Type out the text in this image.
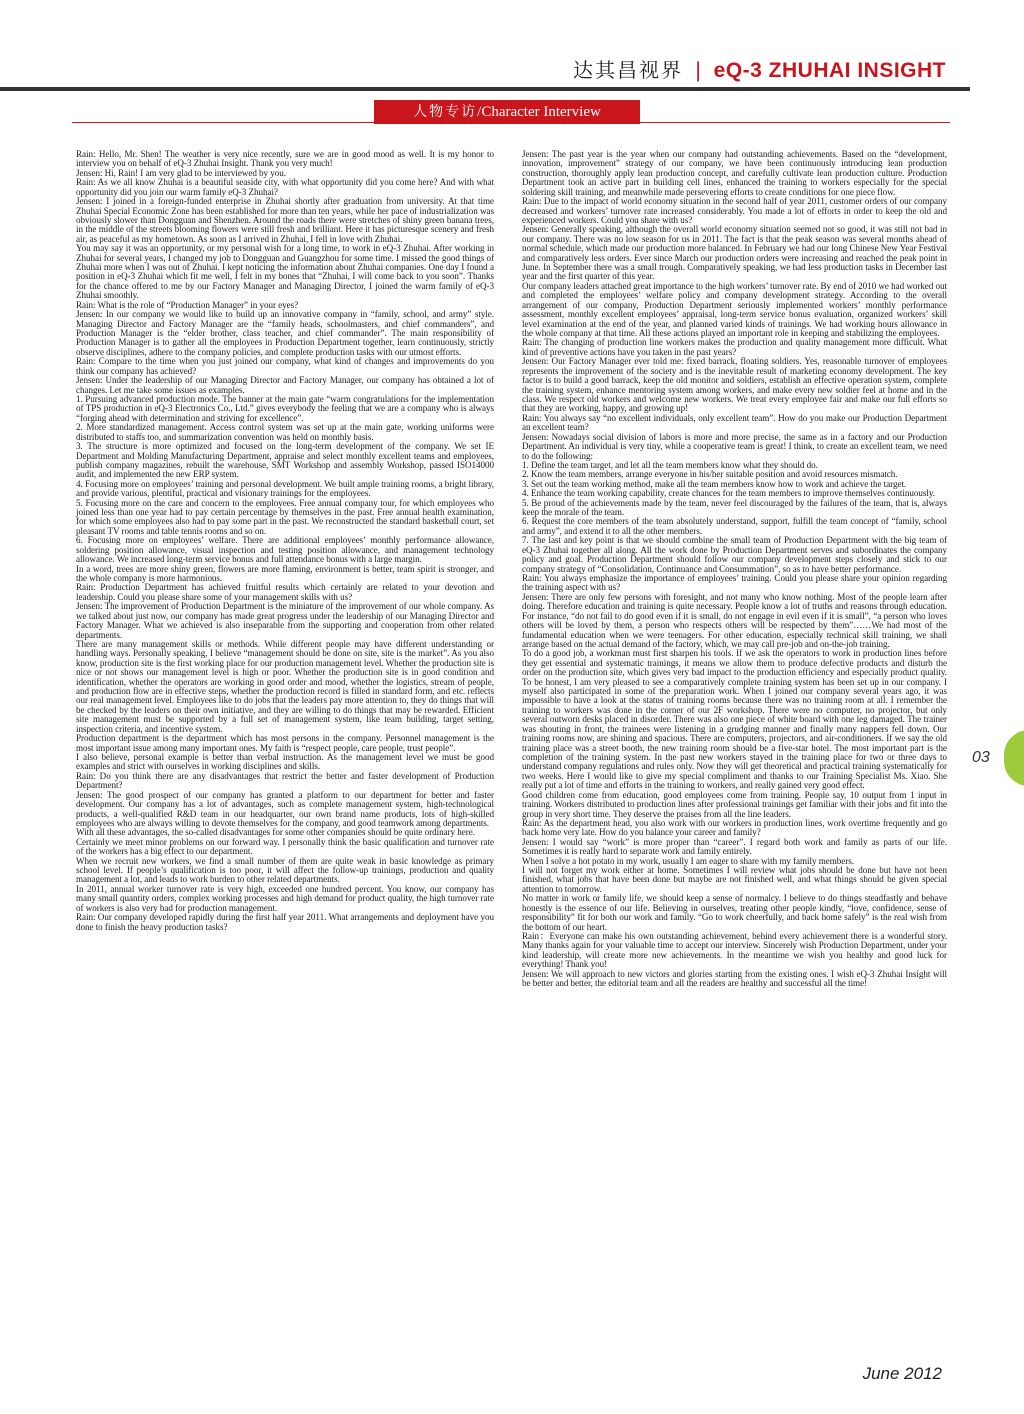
达其昌视界 | eQ-3 ZHUHAI INSIGHT
人物专访/Character Interview

Rain: Hello, Mr. Shen! The weather is very nice recently, sure we are in good mood as well. It is my honor to interview you on behalf of eQ-3 Zhuhai Insight. Thank you very much!

Jensen: Hi, Rain! I am very glad to be interviewed by you.

Rain: As we all know Zhuhai is a beautiful seaside city, with what opportunity did you come here? And with what opportunity did you join our warm family eQ-3 Zhuhai?

Jensen: I joined in a foreign-funded enterprise in Zhuhai shortly after graduation from university. At that time Zhuhai Special Economic Zone has been established for more than ten years, while her pace of industrialization was obviously slower than Dongguan and Shenzhen. Around the roads there were stretches of shiny green banana trees, in the middle of the streets blooming flowers were still fresh and brilliant. Here it has picturesque scenery and fresh air, as peaceful as my hometown. As soon as I arrived in Zhuhai, I fell in love with Zhuhai.

You may say it was an opportunity, or my personal wish for a long time, to work in eQ-3 Zhuhai. After working in Zhuhai for several years, I changed my job to Dongguan and Guangzhou for some time. I missed the good things of Zhuhai more when I was out of Zhuhai. I kept noticing the information about Zhuhai companies. One day I found a position in eQ-3 Zhuhai which fit me well, I felt in my bones that “Zhuhai, I will come back to you soon”. Thanks for the chance offered to me by our Factory Manager and Managing Director, I joined the warm family of eQ-3 Zhuhai smoothly.

Rain: What is the role of “Production Manager” in your eyes?

Jensen: In our company we would like to build up an innovative company in “family, school, and army” style. Managing Director and Factory Manager are the “family heads, schoolmasters, and chief commanders”, and Production Manager is the “elder brother, class teacher, and chief commander”. The main responsibility of Production Manager is to gather all the employees in Production Department together, learn continuously, strictly observe disciplines, adhere to the company policies, and complete production tasks with our utmost efforts.

Rain: Compare to the time when you just joined our company, what kind of changes and improvements do you think our company has achieved?

Jensen: Under the leadership of our Managing Director and Factory Manager, our company has obtained a lot of changes. Let me take some issues as examples.

1. Pursuing advanced production mode. The banner at the main gate “warm congratulations for the implementation of TPS production in eQ-3 Electronics Co., Ltd.” gives everybody the feeling that we are a company who is always “forging ahead with determination and striving for excellence”.

2. More standardized management. Access control system was set up at the main gate, working uniforms were distributed to staffs too, and summarization convention was held on monthly basis.

3. The structure is more optimized and focused on the long-term development of the company. We set IE Department and Molding Manufacturing Department, appraise and select monthly excellent teams and employees, publish company magazines, rebuilt the warehouse, SMT Workshop and assembly Workshop, passed ISO14000 audit, and implemented the new ERP system.

4. Focusing more on employees’ training and personal development. We built ample training rooms, a bright library, and provide various, plentiful, practical and visionary trainings for the employees.

5. Focusing more on the care and concern to the employees. Free annual company tour, for which employees who joined less than one year had to pay certain percentage by themselves in the past. Free annual health examination, for which some employees also had to pay some part in the past. We reconstructed the standard basketball court, set pleasant TV rooms and table tennis rooms and so on.

6. Focusing more on employees’ welfare. There are additional employees’ monthly performance allowance, soldering position allowance, visual inspection and testing position allowance, and management technology allowance. We increased long-term service bonus and full attendance bonus with a large margin.

In a word, trees are more shiny green, flowers are more flaming, environment is better, team spirit is stronger, and the whole company is more harmonious.

Rain: Production Department has achieved fruitful results which certainly are related to your devotion and leadership. Could you please share some of your management skills with us?

Jensen: The improvement of Production Department is the miniature of the improvement of our whole company. As we talked about just now, our company has made great progress under the leadership of our Managing Director and Factory Manager. What we achieved is also inseparable from the supporting and cooperation from other related departments.

There are many management skills or methods. While different people may have different understanding or handling ways. Personally speaking, I believe “management should be done on site, site is the market”. As you also know, production site is the first working place for our production management level. Whether the production site is nice or not shows our management level is high or poor. Whether the production site is in good condition and identification, whether the operators are working in good order and mood, whether the logistics, stream of people, and production flow are in effective steps, whether the production record is filled in standard form, and etc. reflects our real management level. Employees like to do jobs that the leaders pay more attention to, they do things that will be checked by the leaders on their own initiative, and they are willing to do things that may be rewarded. Efficient site management must be supported by a full set of management system, like team building, target setting, inspection criteria, and incentive system.

Production department is the department which has most persons in the company. Personnel management is the most important issue among many important ones. My faith is “respect people, care people, trust people”.

I also believe, personal example is better than verbal instruction. As the management level we must be good examples and strict with ourselves in working disciplines and skills.

Rain: Do you think there are any disadvantages that restrict the better and faster development of Production Department?

Jensen: The good prospect of our company has granted a platform to our department for better and faster development. Our company has a lot of advantages, such as complete management system, high-technological products, a well-qualified R&D team in our headquarter, our own brand name products, lots of high-skilled employees who are always willing to devote themselves for the company, and good teamwork among departments.

With all these advantages, the so-called disadvantages for some other companies should be quite ordinary here.

Certainly we meet minor problems on our forward way. I personally think the basic qualification and turnover rate of the workers has a big effect to our department.

When we recruit new workers, we find a small number of them are quite weak in basic knowledge as primary school level. If people’s qualification is too poor, it will affect the follow-up trainings, production and quality management a lot, and leads to work burden to other related departments.

In 2011, annual worker turnover rate is very high, exceeded one hundred percent. You know, our company has many small quantity orders, complex working processes and high demand for product quality, the high turnover rate of workers is also very bad for production management.

Rain: Our company developed rapidly during the first half year 2011. What arrangements and deployment have you done to finish the heavy production tasks?

Jensen: The past year is the year when our company had outstanding achievements. Based on the “development, innovation, improvement” strategy of our company, we have been continuously introducing lean production construction, thoroughly apply lean production concept, and carefully cultivate lean production culture. Production Department took an active part in building cell lines, enhanced the training to workers especially for the special soldering skill training, and meanwhile made persevering efforts to create conditions for one piece flow.

Rain: Due to the impact of world economy situation in the second half of year 2011, customer orders of our company decreased and workers’ turnover rate increased considerably. You made a lot of efforts in order to keep the old and experienced workers. Could you share with us?

Jensen: Generally speaking, although the overall world economy situation seemed not so good, it was still not bad in our company. There was no low season for us in 2011. The fact is that the peak season was several months ahead of normal schedule, which made our production more balanced. In February we had our long Chinese New Year Festival and comparatively less orders. Ever since March our production orders were increasing and reached the peak point in June. In September there was a small trough. Comparatively speaking, we had less production tasks in December last year and the first quarter of this year.

Our company leaders attached great importance to the high workers’ turnover rate. By end of 2010 we had worked out and completed the employees’ welfare policy and company development strategy. According to the overall arrangement of our company, Production Department seriously implemented workers’ monthly performance assessment, monthly excellent employees’ appraisal, long-term service bonus evaluation, organized workers’ skill level examination at the end of the year, and planned varied kinds of trainings. We had working hours allowance in the whole company at that time. All these actions played an important role in keeping and stabilizing the employees.

Rain: The changing of production line workers makes the production and quality management more difficult. What kind of preventive actions have you taken in the past years?

Jensen: Our Factory Manager ever told me: fixed barrack, floating soldiers. Yes, reasonable turnover of employees represents the improvement of the society and is the inevitable result of marketing economy development. The key factor is to build a good barrack, keep the old monitor and soldiers, establish an effective operation system, complete the training system, enhance mentoring system among workers, and make every new soldier feel at home and in the class. We respect old workers and welcome new workers. We treat every employee fair and make our full efforts so that they are working, happy, and growing up!

Rain: You always say “no excellent individuals, only excellent team”. How do you make our Production Department an excellent team?

Jensen: Nowadays social division of labors is more and more precise, the same as in a factory and our Production Department. An individual is very tiny, while a cooperative team is great! I think, to create an excellent team, we need to do the following:

1. Define the team target, and let all the team members know what they should do.

2. Know the team members, arrange everyone in his/her suitable position and avoid resources mismatch.

3. Set out the team working method, make all the team members know how to work and achieve the target.

4. Enhance the team working capability, create chances for the team members to improve themselves continuously.

5. Be proud of the achievements made by the team, never feel discouraged by the failures of the team, that is, always keep the morale of the team.

6. Request the core members of the team absolutely understand, support, fulfill the team concept of “family, school and army”, and extend it to all the other members.

7. The last and key point is that we should combine the small team of Production Department with the big team of eQ-3 Zhuhai together all along. All the work done by Production Department serves and subordinates the company policy and goal. Production Department should follow our company development steps closely and stick to our company strategy of “Consolidation, Continuance and Consummation”, so as to have better performance.

Rain: You always emphasize the importance of employees’ training. Could you please share your opinion regarding the training aspect with us?

Jensen: There are only few persons with foresight, and not many who know nothing. Most of the people learn after doing. Therefore education and training is quite necessary. People know a lot of truths and reasons through education. For instance, “do not fail to do good even if it is small, do not engage in evil even if it is small”, “a person who loves others will be loved by them, a person who respects others will be respected by them”……We had most of the fundamental education when we were teenagers. For other education, especially technical skill training, we shall arrange based on the actual demand of the factory, which, we may call pre-job and on-the-job training.

To do a good job, a workman must first sharpen his tools. If we ask the operators to work in production lines before they get essential and systematic trainings, it means we allow them to produce defective products and disturb the order on the production site, which gives very bad impact to the production efficiency and especially product quality. To be honest, I am very pleased to see a comparatively complete training system has been set up in our company. I myself also participated in some of the preparation work. When I joined our company several years ago, it was impossible to have a look at the status of training rooms because there was no training room at all. I remember the training to workers was done in the corner of our 2F workshop. There were no computer, no projector, but only several outworn desks placed in disorder. There was also one piece of white board with one leg damaged. The trainer was shouting in front, the trainees were listening in a grudging manner and finally many nappers fell down. Our training rooms now, are shining and spacious. There are computers, projectors, and air-conditioners. If we say the old training place was a street booth, the new training room should be a five-star hotel. The most important part is the completion of the training system. In the past new workers stayed in the training place for two or three days to understand company regulations and rules only. Now they will get theoretical and practical training systematically for two weeks. Here I would like to give my special compliment and thanks to our Training Specialist Ms. Xiao. She really put a lot of time and efforts in the training to workers, and really gained very good effect.

Good children come from education, good employees come from training. People say, 10 output from 1 input in training. Workers distributed to production lines after professional trainings get familiar with their jobs and fit into the group in very short time. They deserve the praises from all the line leaders.

Rain: As the department head, you also work with our workers in production lines, work overtime frequently and go back home very late. How do you balance your career and family?

Jensen: I would say “work” is more proper than “career”. I regard both work and family as parts of our life. Sometimes it is really hard to separate work and family entirely.

When I solve a hot potato in my work, usually I am eager to share with my family members.

I will not forget my work either at home. Sometimes I will review what jobs should be done but have not been finished, what jobs that have been done but maybe are not finished well, and what things should be given special attention to tomorrow.

No matter in work or family life, we should keep a sense of normalcy. I believe to do things steadfastly and behave honestly is the essence of our life. Believing in ourselves, treating other people kindly, “love, confidence, sense of responsibility” fit for both our work and family. “Go to work cheerfully, and back home safely” is the real wish from the bottom of our heart.

Rain：Everyone can make his own outstanding achievement, behind every achievement there is a wonderful story. Many thanks again for your valuable time to accept our interview. Sincerely wish Production Department, under your kind leadership, will create more new achievements. In the meantime we wish you healthy and good luck for everything! Thank you!

Jensen: We will approach to new victors and glories starting from the existing ones. I wish eQ-3 Zhuhai Insight will be better and better, the editorial team and all the readers are healthy and successful all the time!

03
June 2012
